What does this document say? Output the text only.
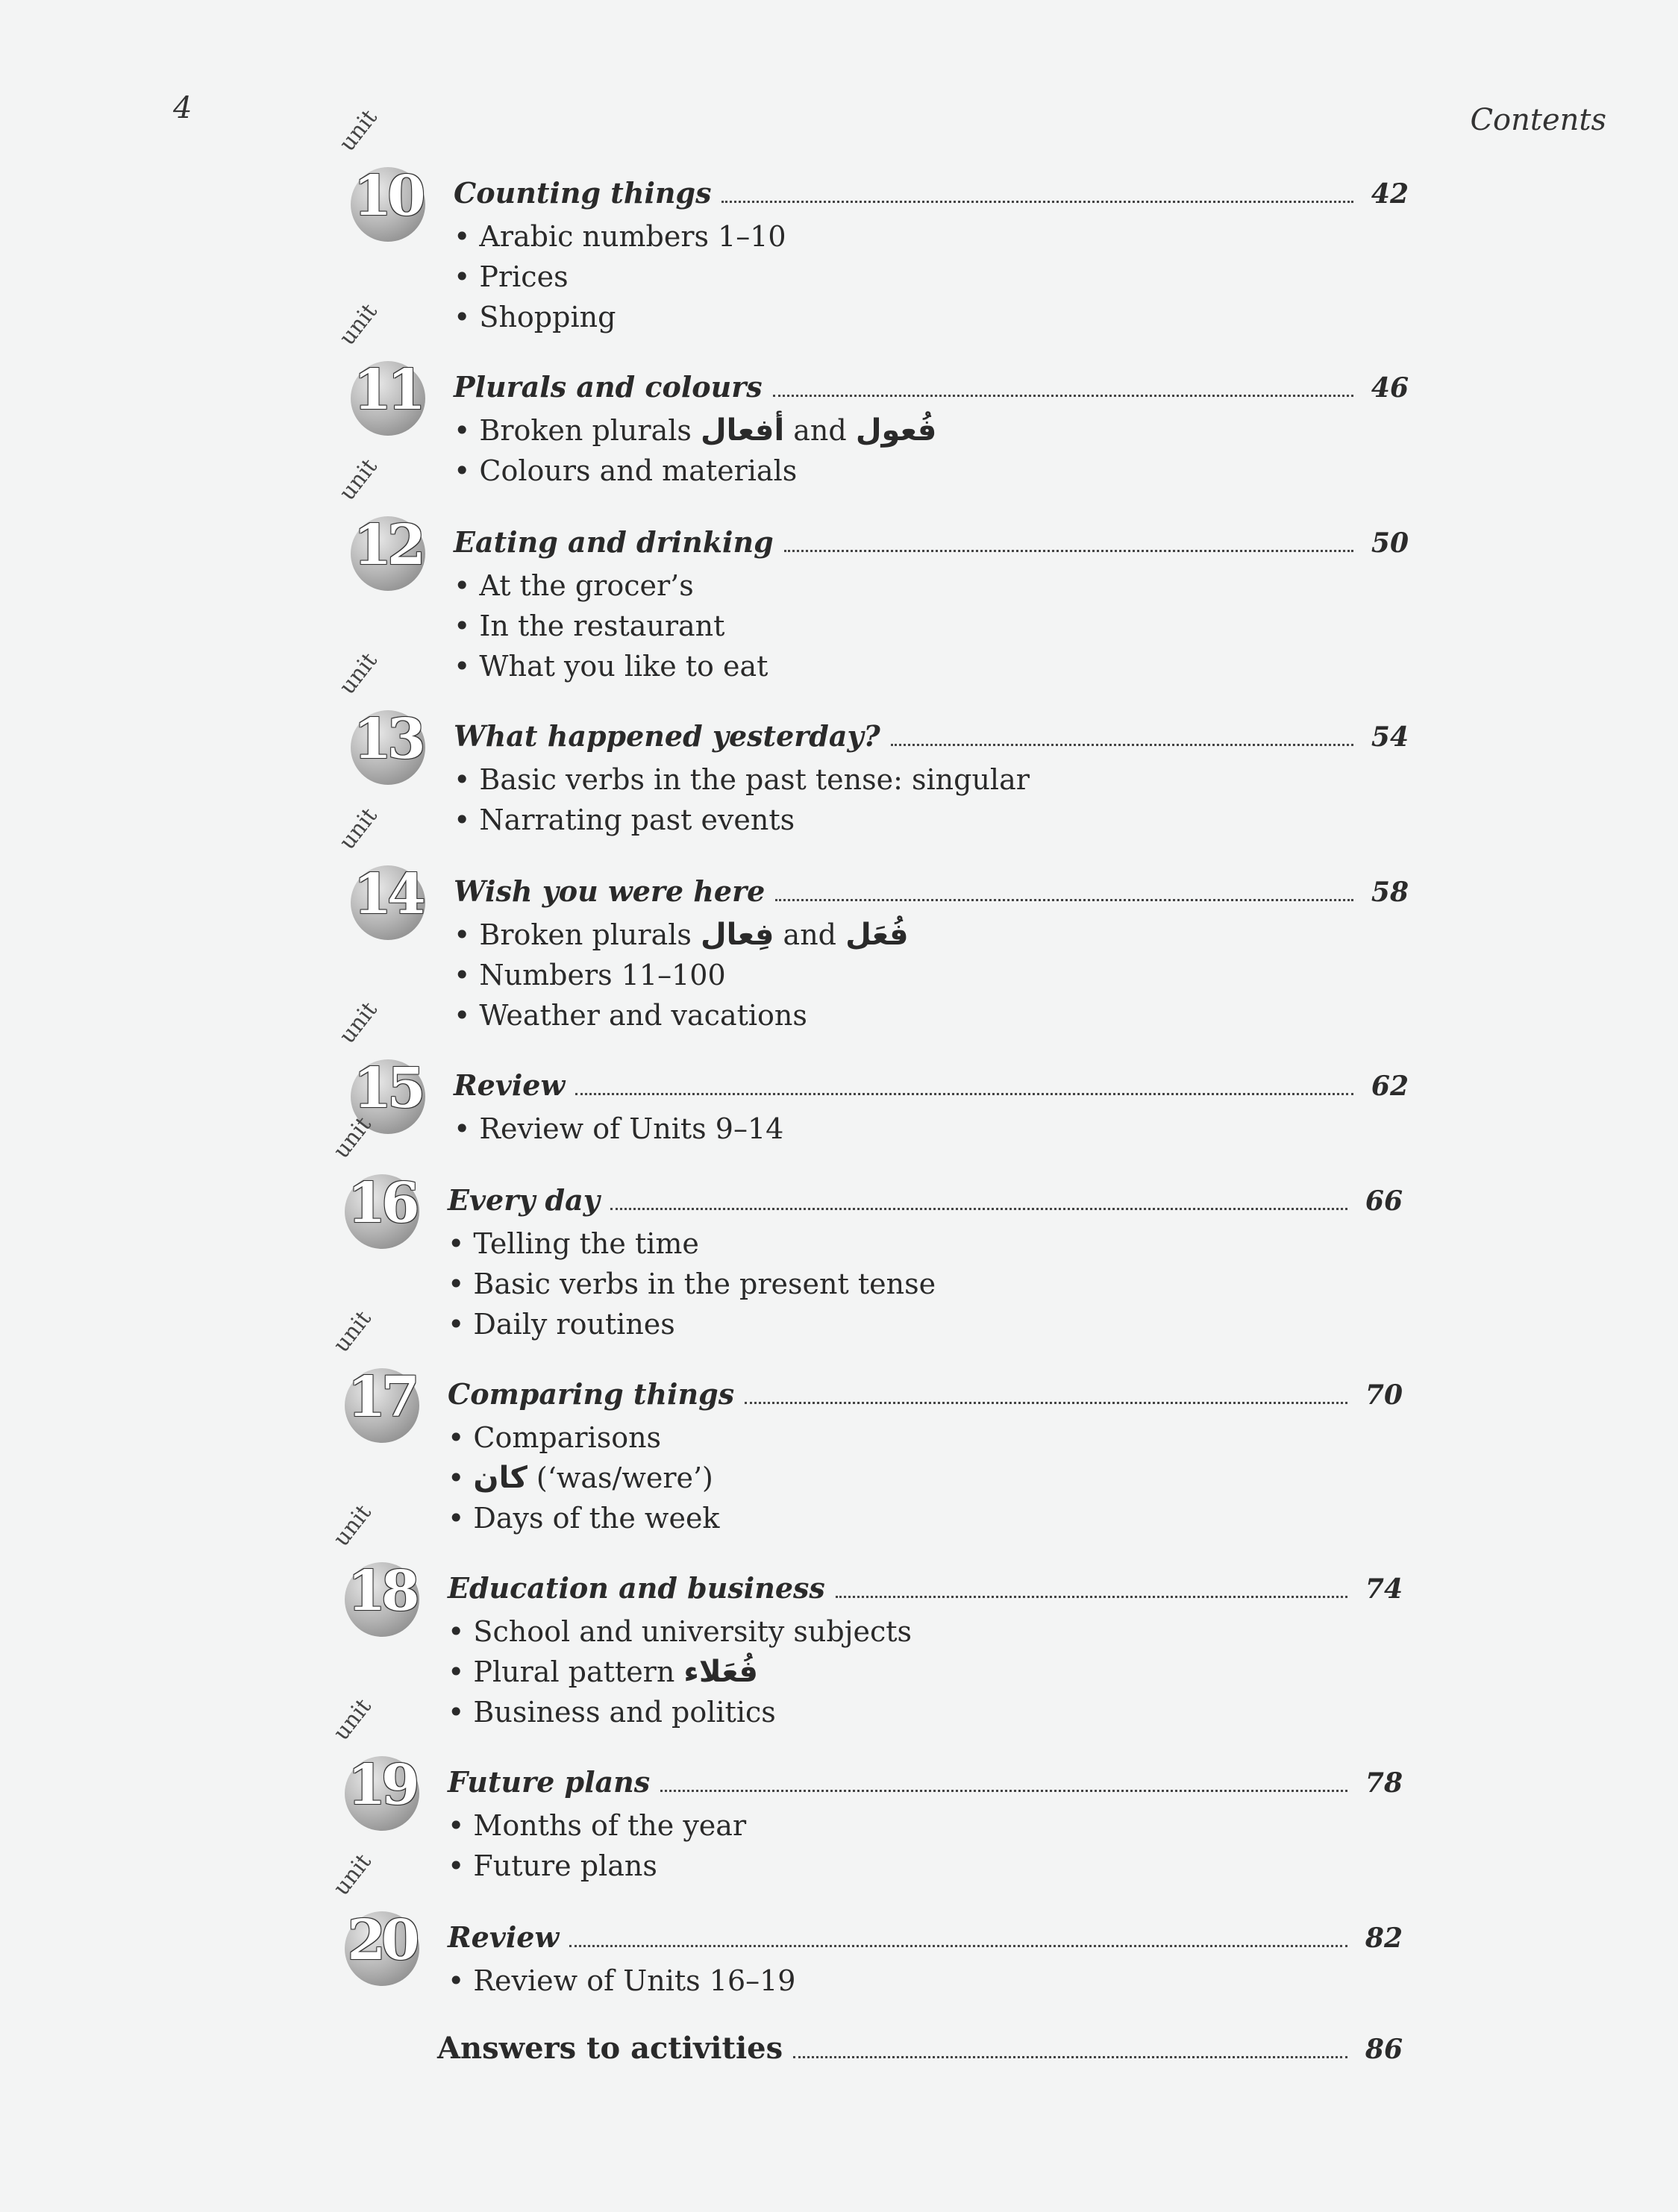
4	Contents
unit
10	Counting things	42
• Arabic numbers 1–10
• Prices
• Shopping
unit
11	Plurals and colours	46
• Broken plurals أفعال and فُعول
• Colours and materials
unit
12	Eating and drinking	50
• At the grocer’s
• In the restaurant
• What you like to eat
unit
13	What happened yesterday?	54
• Basic verbs in the past tense: singular
• Narrating past events
unit
14	Wish you were here	58
• Broken plurals فِعال and فُعَل
• Numbers 11–100
• Weather and vacations
unit
15	Review	62
• Review of Units 9–14
unit
16	Every day	66
• Telling the time
• Basic verbs in the present tense
• Daily routines
unit
17	Comparing things	70
• Comparisons
• كان (‘was/were’)
• Days of the week
unit
18	Education and business	74
• School and university subjects
• Plural pattern فُعَلاء
• Business and politics
unit
19	Future plans	78
• Months of the year
• Future plans
unit
20	Review	82
• Review of Units 16–19
Answers to activities	86
